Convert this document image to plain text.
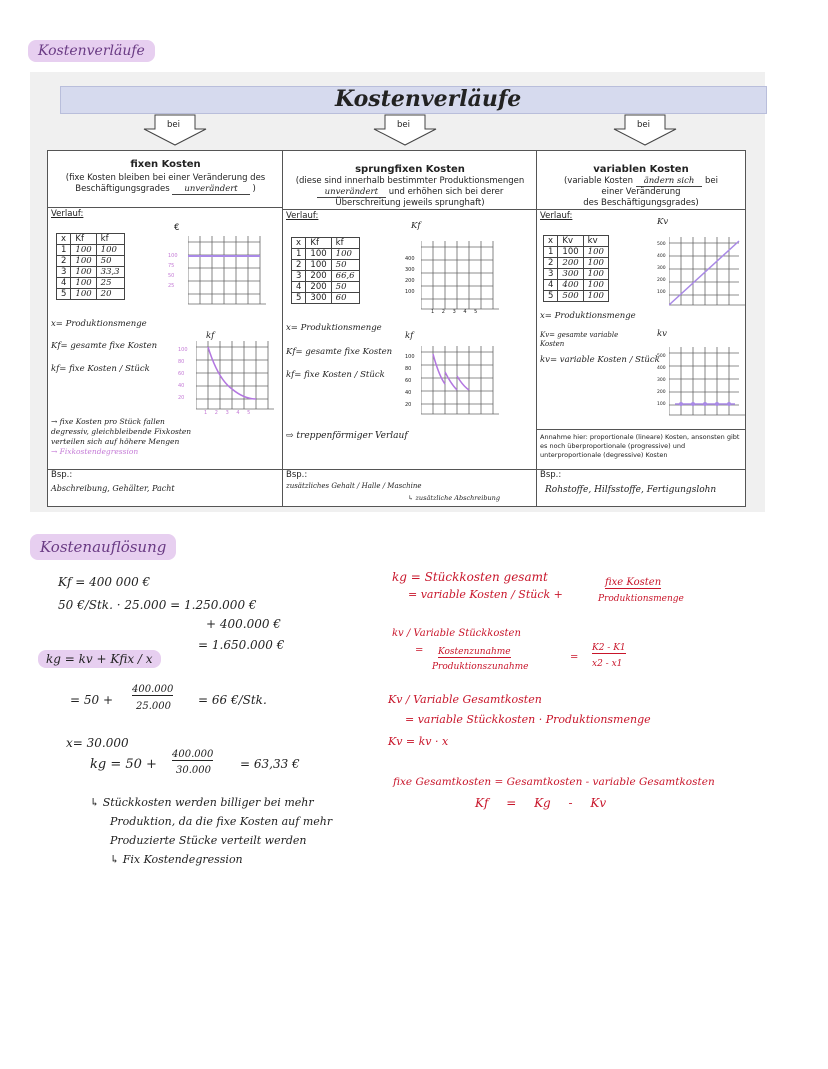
Kostenverläufe
Kostenverläufe
bei	bei	bei
fixen Kosten
(fixe Kosten bleiben bei einer Veränderung des
Beschäftigungsgrades unverändert )
Verlauf:
x	Kf	kf
1	100	100
2	100	50
3	100	33,3
4	100	25
5	100	20
€
100
75
50
25
x= Produktionsmenge
Kf= gesamte fixe Kosten
kf= fixe Kosten / Stück
kf
100
80
60
40
20
1 2 3 4 5
→ fixe Kosten pro Stück fallen
degressiv, gleichbleibende Fixkosten
verteilen sich auf höhere Mengen
→ Fixkostendegression
Bsp.:
Abschreibung, Gehälter, Pacht
sprungfixen Kosten
(diese sind innerhalb bestimmter Produktionsmengen
unverändert und erhöhen sich bei derer
Überschreitung jeweils sprunghaft)
Verlauf:
x	Kf	kf
1	100	100
2	100	50
3	200	66,6
4	200	50
5	300	60
Kf
400
300
200
100
1 2 3 4 5
x= Produktionsmenge
Kf= gesamte fixe Kosten
kf= fixe Kosten / Stück
kf
100
80
60
40
20
⇨ treppenförmiger Verlauf
Bsp.:
zusätzliches Gehalt / Halle / Maschine
↳ zusätzliche Abschreibung
variablen Kosten
(variable Kosten ändern sich bei
einer Veränderung
des Beschäftigungsgrades)
Verlauf:
x	Kv	kv
1	100	100
2	200	100
3	300	100
4	400	100
5	500	100
Kv
500
400
300
200
100
x= Produktionsmenge
Kv= gesamte variable Kosten
kv= variable Kosten / Stück
kv
500
400
300
200
100
Annahme hier: proportionale (lineare) Kosten, ansonsten gibt es noch überproportionale (progressive) und unterproportionale (degressive) Kosten
Bsp.:
Rohstoffe, Hilfsstoffe, Fertigungslohn
Kostenauflösung
Kf = 400 000 €
50 €/Stk. · 25.000 = 1.250.000 €
+ 400.000 €
= 1.650.000 €
kg = kv + Kfix / x
= 50 +
400.000
25.000 = 66 €/Stk.
x= 30.000
kg = 50 +
400.000
30.000 = 63,33 €
↳ Stückkosten werden billiger bei mehr
Produktion, da die fixe Kosten auf mehr
Produzierte Stücke verteilt werden
↳ Fix Kostendegression
kg = Stückkosten gesamt
= variable Kosten / Stück +
fixe Kosten
Produktionsmenge
kv / Variable Stückkosten
= Kostenzunahme
Produktionszunahme
=
K2 - K1
x2 - x1
Kv / Variable Gesamtkosten
= variable Stückkosten · Produktionsmenge
Kv = kv · x
fixe Gesamtkosten = Gesamtkosten - variable Gesamtkosten
Kf = Kg - Kv
